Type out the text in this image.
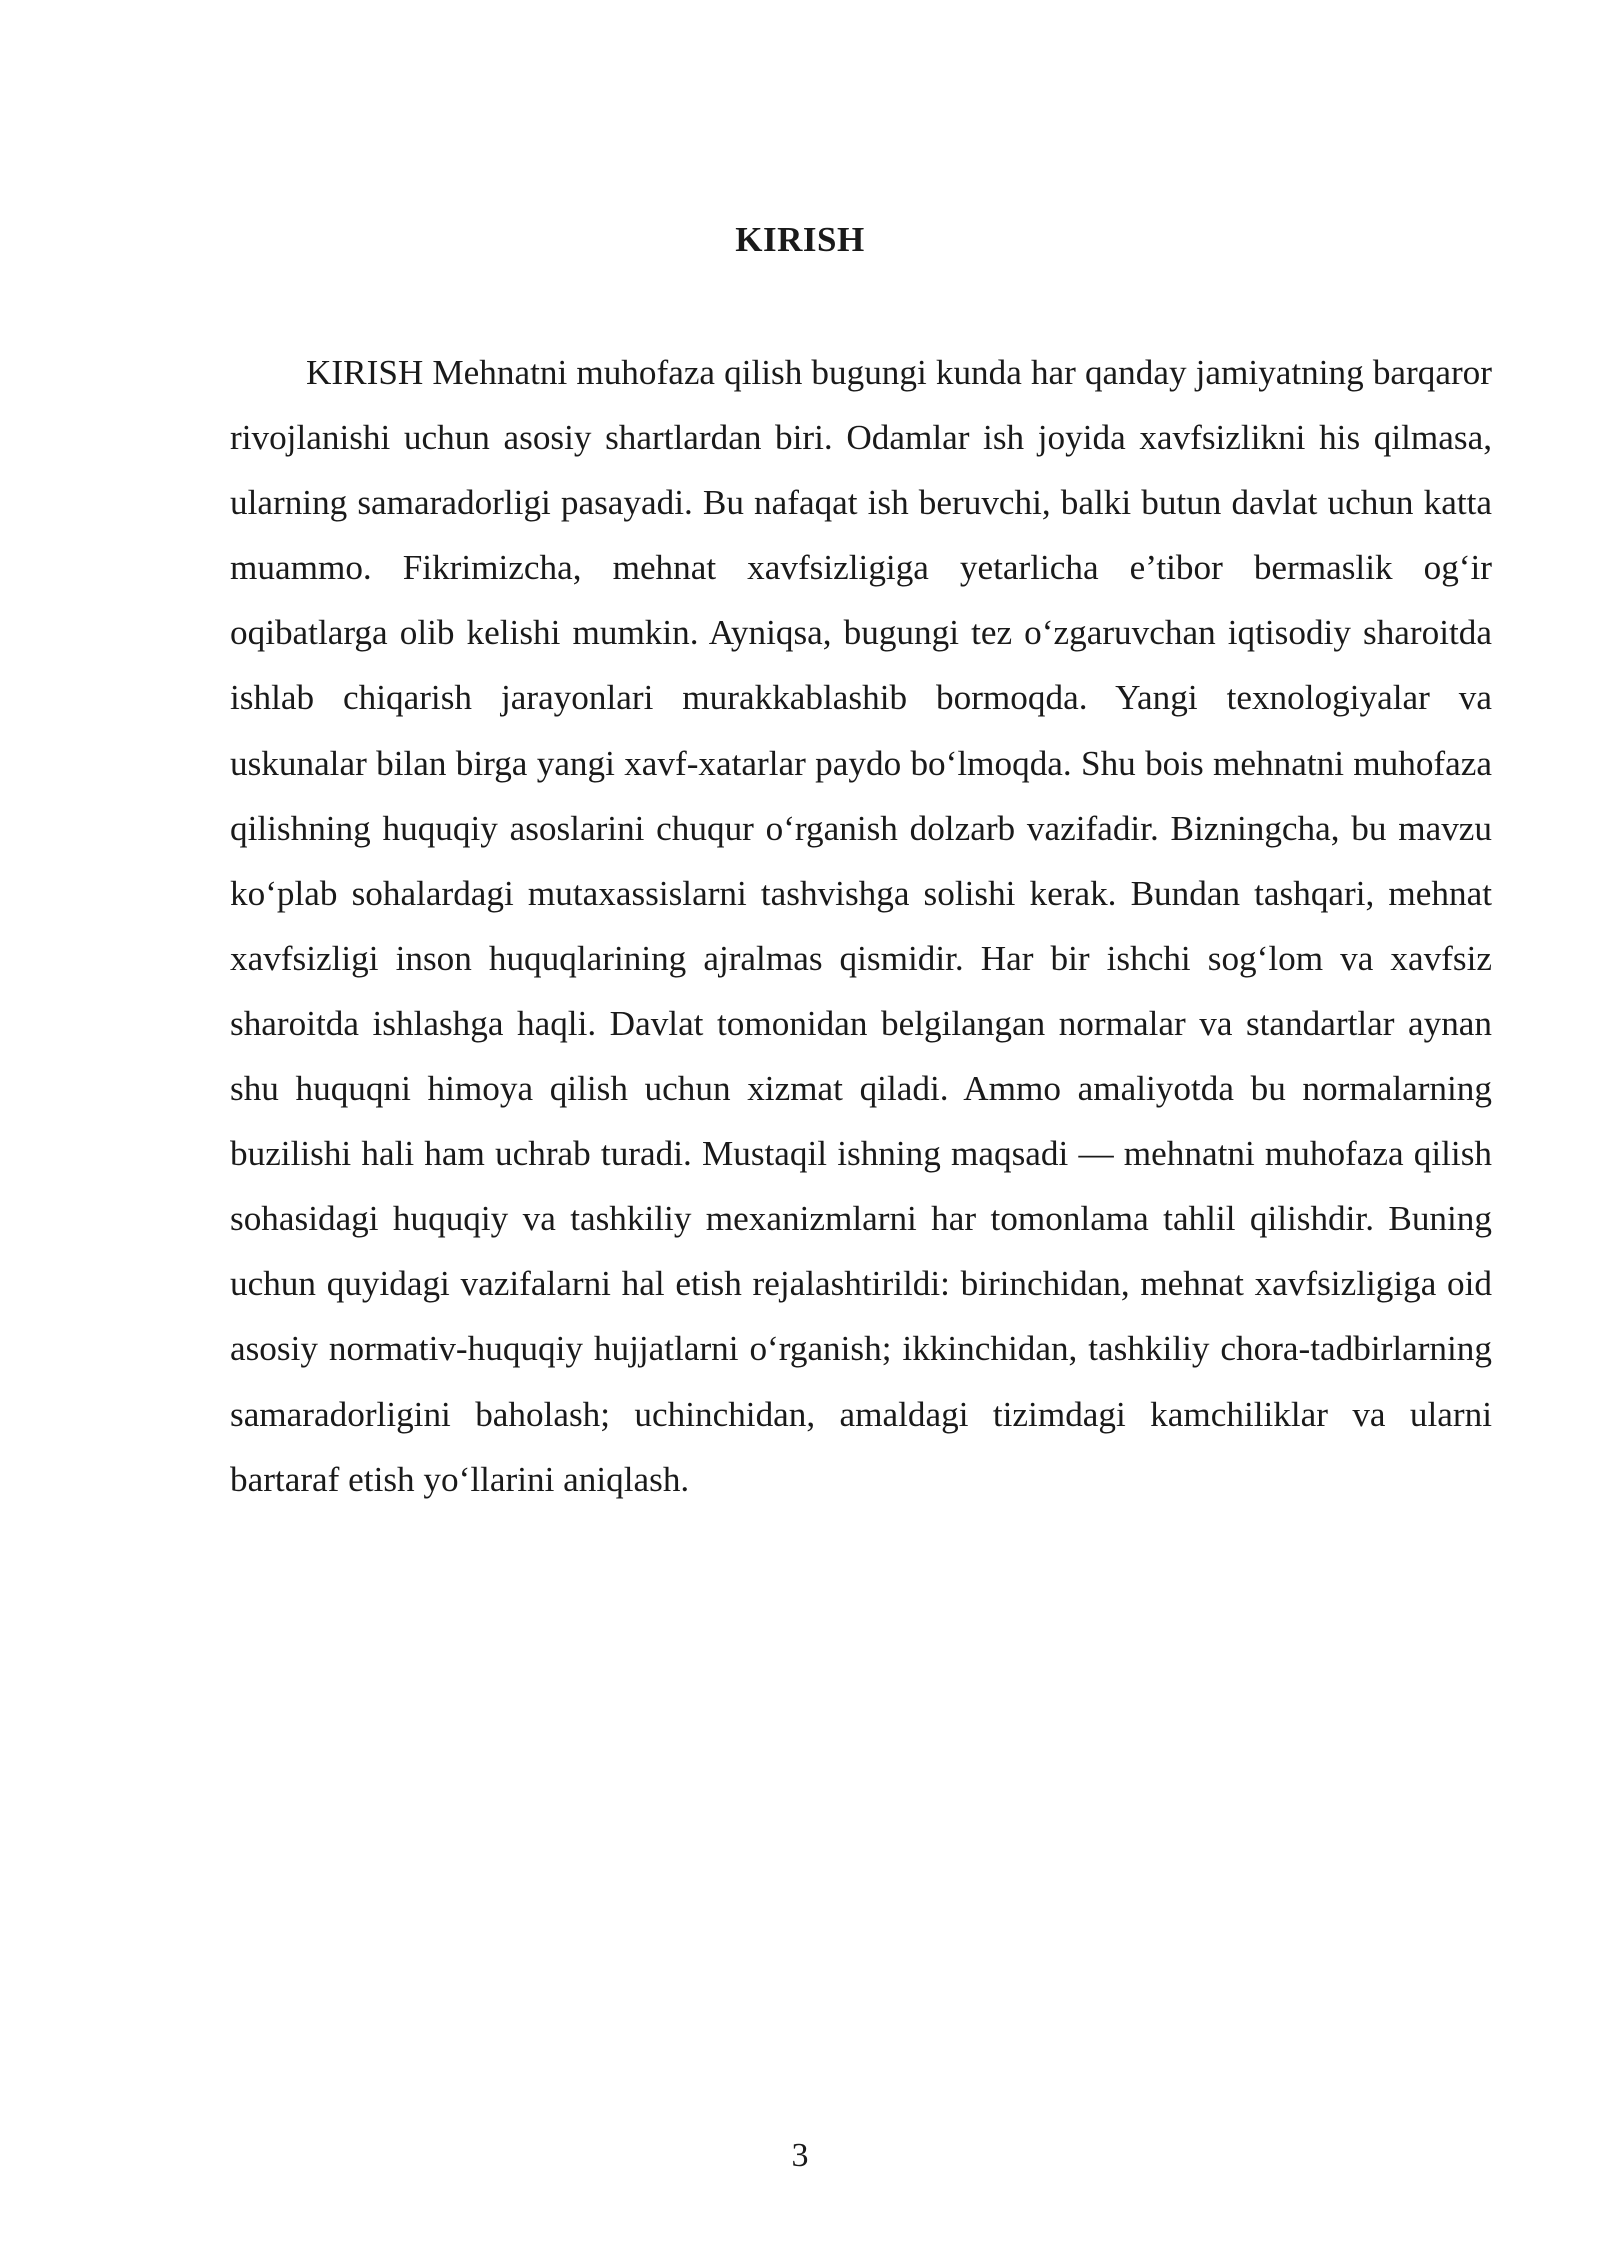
KIRISH

KIRISH Mehnatni muhofaza qilish bugungi kunda har qanday jamiyatning barqaror rivojlanishi uchun asosiy shartlardan biri. Odamlar ish joyida xavfsizlikni his qilmasa, ularning samaradorligi pasayadi. Bu nafaqat ish beruvchi, balki butun davlat uchun katta muammo. Fikrimizcha, mehnat xavfsizligiga yetarlicha e’tibor bermaslik og‘ir oqibatlarga olib kelishi mumkin. Ayniqsa, bugungi tez o‘zgaruvchan iqtisodiy sharoitda ishlab chiqarish jarayonlari murakkablashib bormoqda. Yangi texnologiyalar va uskunalar bilan birga yangi xavf-xatarlar paydo bo‘lmoqda. Shu bois mehnatni muhofaza qilishning huquqiy asoslarini chuqur o‘rganish dolzarb vazifadir. Bizningcha, bu mavzu ko‘plab sohalardagi mutaxassislarni tashvishga solishi kerak. Bundan tashqari, mehnat xavfsizligi inson huquqlarining ajralmas qismidir. Har bir ishchi sog‘lom va xavfsiz sharoitda ishlashga haqli. Davlat tomonidan belgilangan normalar va standartlar aynan shu huquqni himoya qilish uchun xizmat qiladi. Ammo amaliyotda bu normalarning buzilishi hali ham uchrab turadi. Mustaqil ishning maqsadi — mehnatni muhofaza qilish sohasidagi huquqiy va tashkiliy mexanizmlarni har tomonlama tahlil qilishdir. Buning uchun quyidagi vazifalarni hal etish rejalashtirildi: birinchidan, mehnat xavfsizligiga oid asosiy normativ-huquqiy hujjatlarni o‘rganish; ikkinchidan, tashkiliy chora-tadbirlarning samaradorligini baholash; uchinchidan, amaldagi tizimdagi kamchiliklar va ularni bartaraf etish yo‘llarini aniqlash.

3
